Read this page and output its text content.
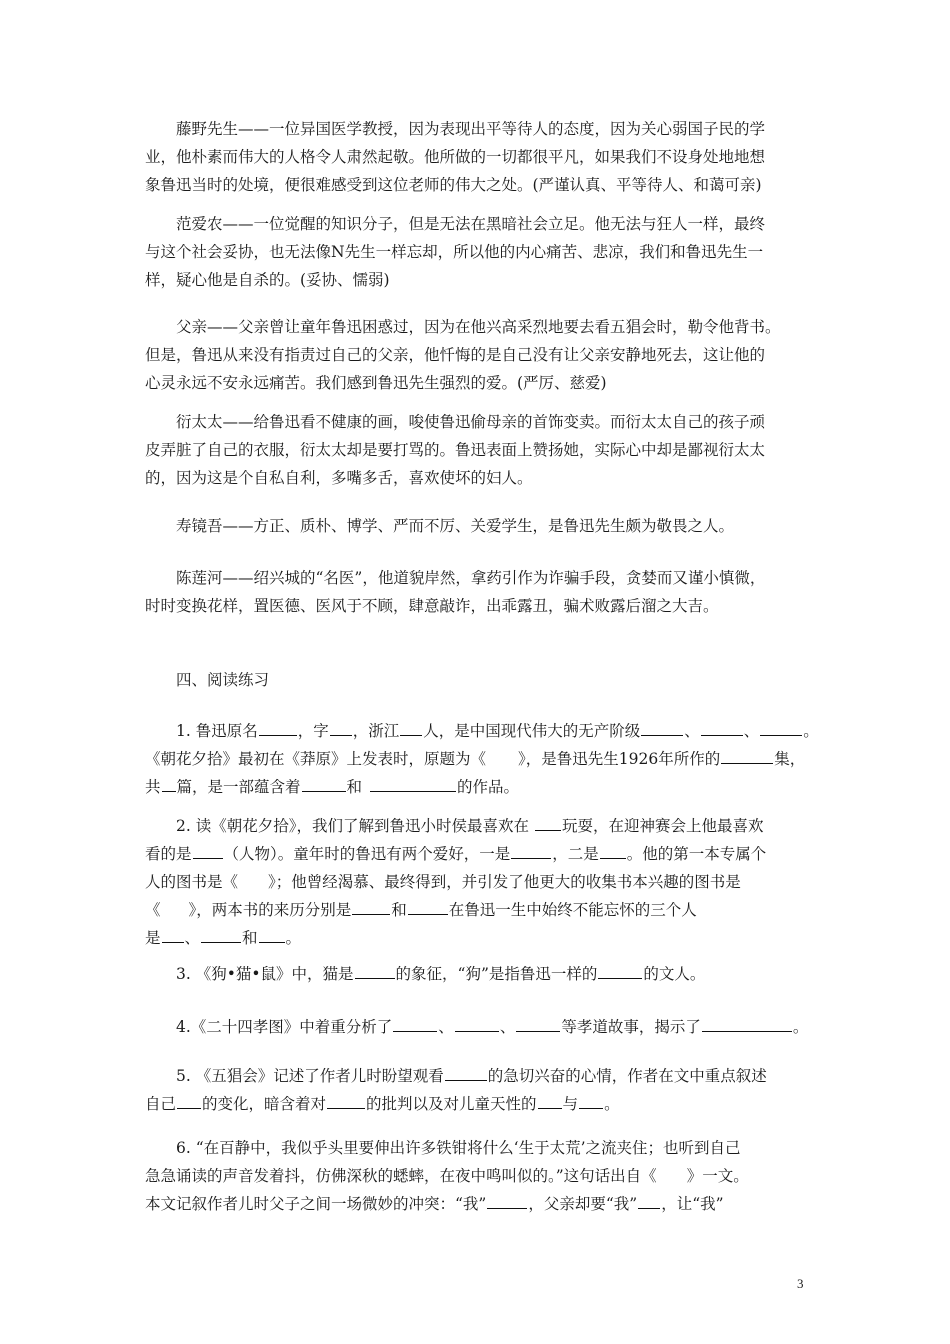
藤野先生——一位异国医学教授，因为表现出平等待人的态度，因为关心弱国子民的学
业，他朴素而伟大的人格令人肃然起敬。他所做的一切都很平凡，如果我们不设身处地地想
象鲁迅当时的处境，便很难感受到这位老师的伟大之处。(严谨认真、平等待人、和蔼可亲)
范爱农——一位觉醒的知识分子，但是无法在黑暗社会立足。他无法与狂人一样，最终
与这个社会妥协，也无法像N先生一样忘却，所以他的内心痛苦、悲凉，我们和鲁迅先生一
样，疑心他是自杀的。(妥协、懦弱)
父亲——父亲曾让童年鲁迅困惑过，因为在他兴高采烈地要去看五猖会时，勒令他背书。
但是，鲁迅从来没有指责过自己的父亲，他忏悔的是自己没有让父亲安静地死去，这让他的
心灵永远不安永远痛苦。我们感到鲁迅先生强烈的爱。(严厉、慈爱)
衍太太——给鲁迅看不健康的画，唆使鲁迅偷母亲的首饰变卖。而衍太太自己的孩子顽
皮弄脏了自己的衣服，衍太太却是要打骂的。鲁迅表面上赞扬她，实际心中却是鄙视衍太太
的，因为这是个自私自利，多嘴多舌，喜欢使坏的妇人。
寿镜吾——方正、质朴、博学、严而不厉、关爱学生，是鲁迅先生颇为敬畏之人。
陈莲河——绍兴城的“名医”，他道貌岸然，拿药引作为诈骗手段，贪婪而又谨小慎微，
时时变换花样，置医德、医风于不顾，肆意敲诈，出乖露丑，骗术败露后溜之大吉。
四、阅读练习
1. 鲁迅原名	，字 ，浙江 人，是中国现代伟大的无产阶级	、	、	。
《朝花夕拾》最初在《莽原》上发表时，原题为《 》，是鲁迅先生1926年所作的	集，
共 篇，是一部蕴含着	和	的作品。
2. 读《朝花夕拾》，我们了解到鲁迅小时侯最喜欢在 玩耍，在迎神赛会上他最喜欢
看的是 （人物）。童年时的鲁迅有两个爱好，一是	，二是 。他的第一本专属个
人的图书是《 》；他曾经渴慕、最终得到，并引发了他更大的收集书本兴趣的图书是
《 》，两本书的来历分别是	和	在鲁迅一生中始终不能忘怀的三个人
是 、	和 。
3. 《狗•猫•鼠》中，猫是	的象征，“狗”是指鲁迅一样的	的文人。
4.《二十四孝图》中着重分析了	、	、	等孝道故事，揭示了	。
5. 《五猖会》记述了作者儿时盼望观看	的急切兴奋的心情，作者在文中重点叙述
自己 的变化，暗含着对	的批判以及对儿童天性的 与 。
6. “在百静中，我似乎头里要伸出许多铁钳将什么‘生于太荒’之流夹住；也听到自己
急急诵读的声音发着抖，仿佛深秋的蟋蟀，在夜中鸣叫似的。”这句话出自《 》一文。
本文记叙作者儿时父子之间一场微妙的冲突：“我”	，父亲却要“我” ，让“我”
3
